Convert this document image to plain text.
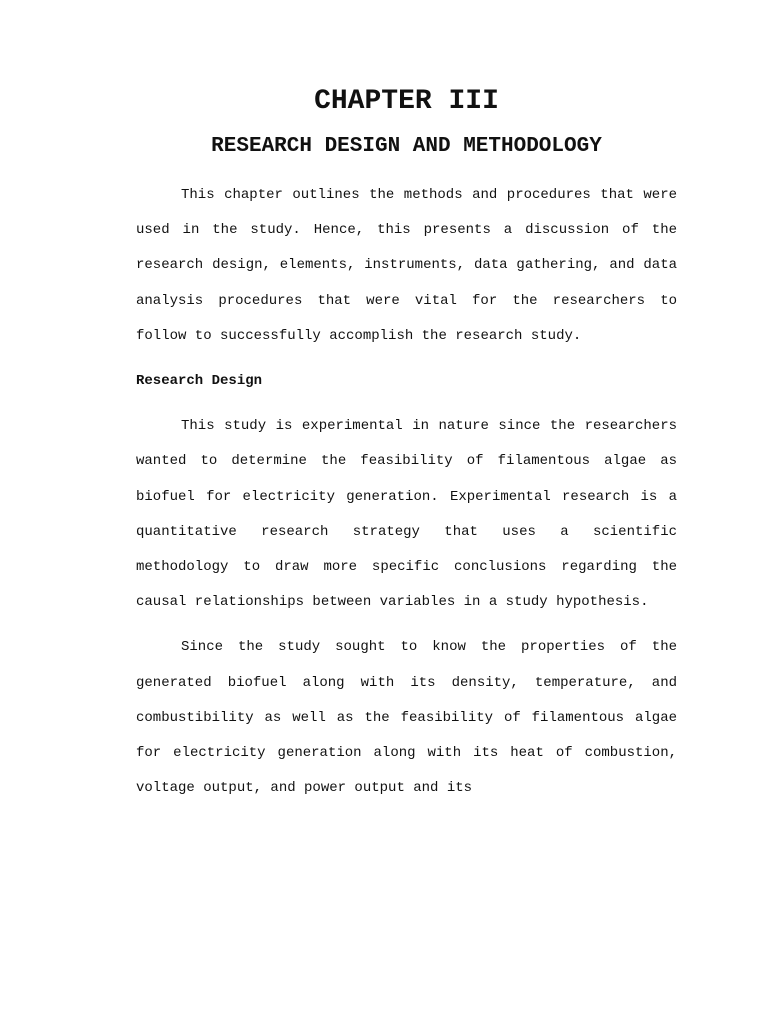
CHAPTER III
RESEARCH DESIGN AND METHODOLOGY

This chapter outlines the methods and procedures that were used in the study. Hence, this presents a discussion of the research design, elements, instruments, data gathering, and data analysis procedures that were vital for the researchers to follow to successfully accomplish the research study.

Research Design

This study is experimental in nature since the researchers wanted to determine the feasibility of filamentous algae as biofuel for electricity generation. Experimental research is a quantitative research strategy that uses a scientific methodology to draw more specific conclusions regarding the causal relationships between variables in a study hypothesis.

Since the study sought to know the properties of the generated biofuel along with its density, temperature, and combustibility as well as the feasibility of filamentous algae for electricity generation along with its heat of combustion, voltage output, and power output and its
